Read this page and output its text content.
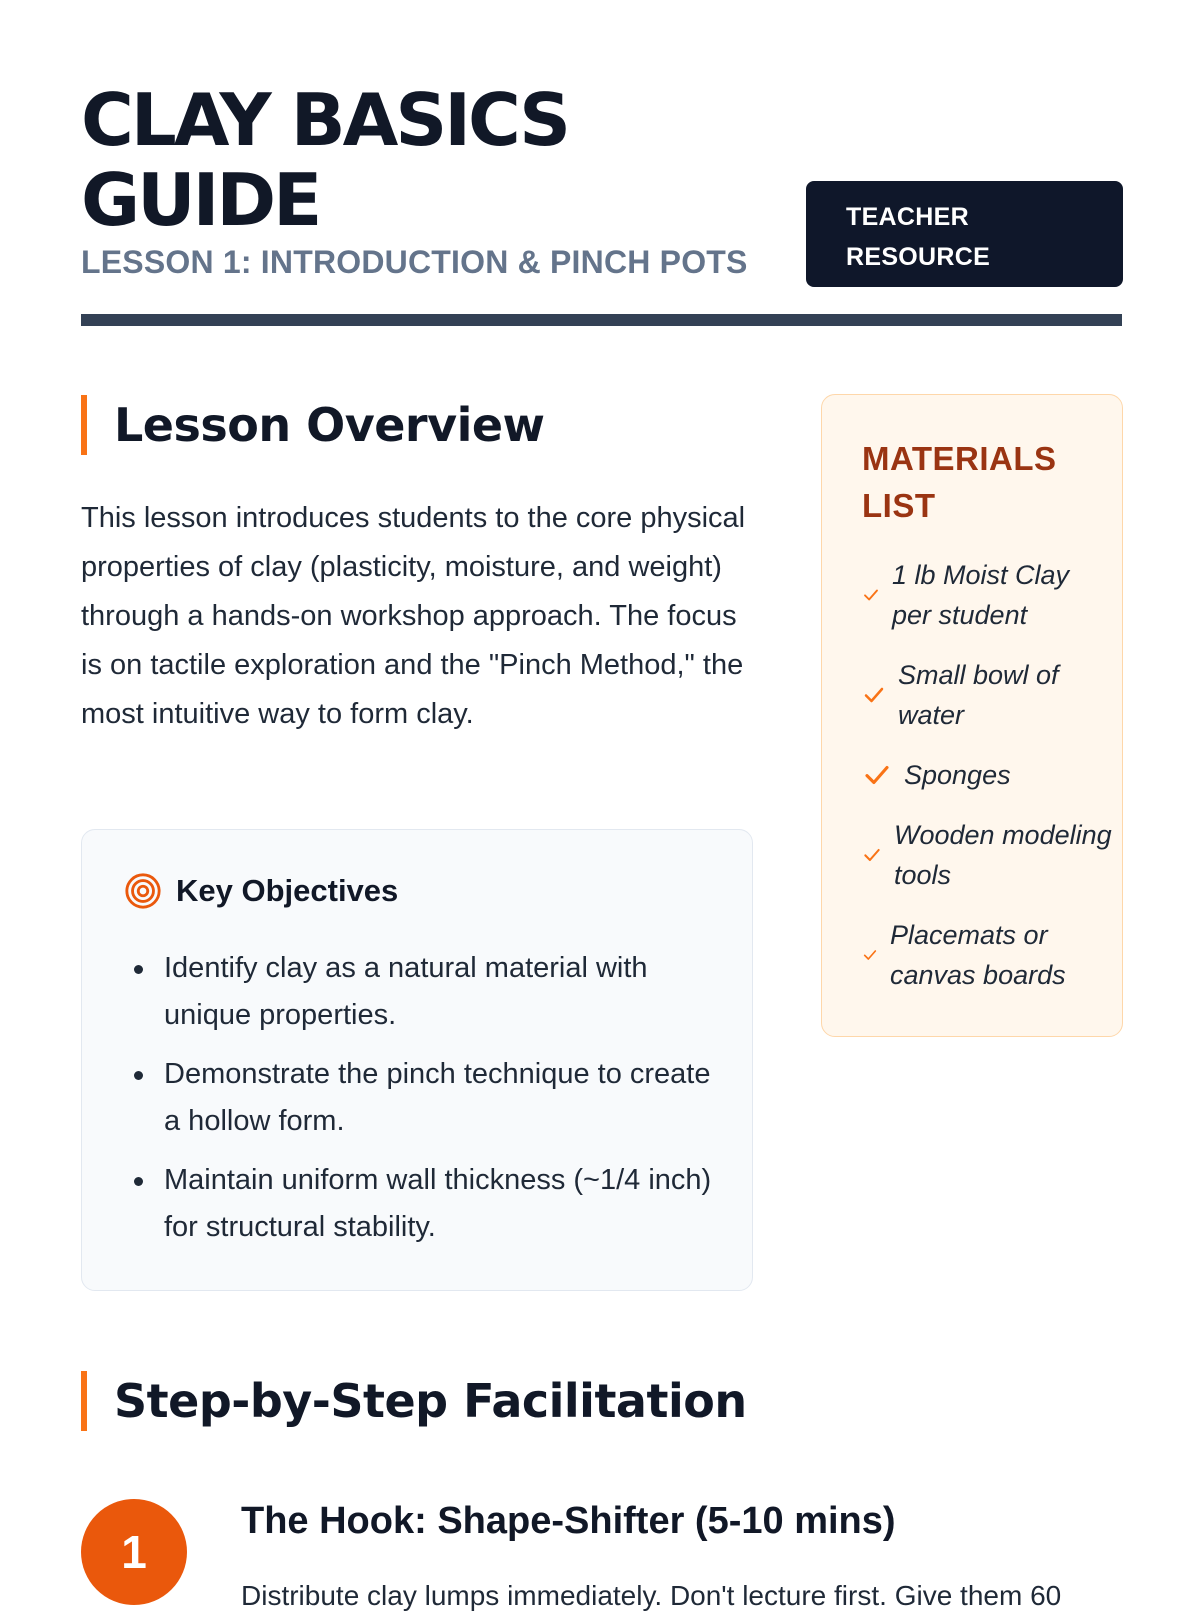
CLAY BASICS
GUIDE
LESSON 1: INTRODUCTION & PINCH POTS
TEACHER
RESOURCE
Lesson Overview

This lesson introduces students to the core physical properties of clay (plasticity, moisture, and weight) through a hands-on workshop approach. The focus is on tactile exploration and the "Pinch Method," the most intuitive way to form clay.

Key Objectives
Identify clay as a natural material with unique properties.
Demonstrate the pinch technique to create a hollow form.
Maintain uniform wall thickness (~1/4 inch) for structural stability.
MATERIALS LIST
1 lb Moist Clay per student
Small bowl of water
Sponges
Wooden modeling tools
Placemats or canvas boards
Step-by-Step Facilitation
1
The Hook: Shape-Shifter (5-10 mins)

Distribute clay lumps immediately. Don't lecture first. Give them 60
